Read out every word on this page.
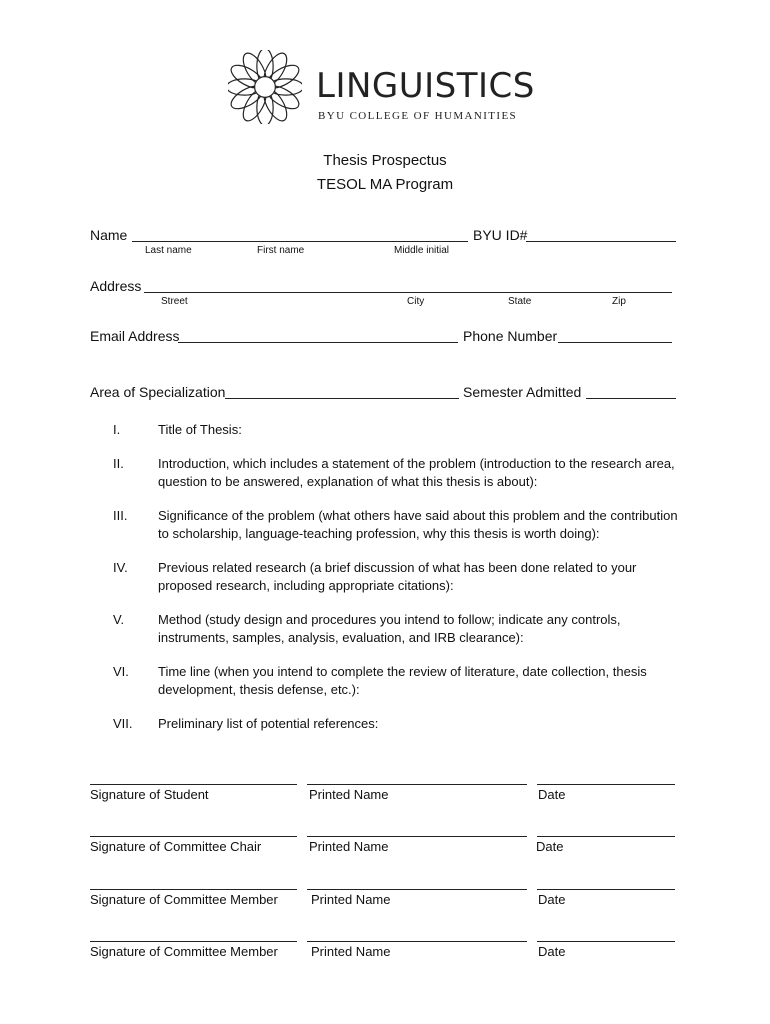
LINGUISTICS
BYU COLLEGE OF HUMANITIES
Thesis Prospectus
TESOL MA Program
Name	BYU ID#
Last name	First name	Middle initial
Address
Street	City	State	Zip
Email Address	Phone Number
Area of Specialization	Semester Admitted
I.	Title of Thesis:
II.	Introduction, which includes a statement of the problem (introduction to the research area,
question to be answered, explanation of what this thesis is about):
III. Significance of the problem (what others have said about this problem and the contribution
to scholarship, language-teaching profession, why this thesis is worth doing):
IV. Previous related research (a brief discussion of what has been done related to your
proposed research, including appropriate citations):
V.	Method (study design and procedures you intend to follow; indicate any controls,
instruments, samples, analysis, evaluation, and IRB clearance):
VI. Time line (when you intend to complete the review of literature, date collection, thesis
development, thesis defense, etc.):
VII. Preliminary list of potential references:
Signature of Student	Printed Name	Date
Signature of Committee Chair	Printed Name	Date
Signature of Committee Member	Printed Name	Date
Signature of Committee Member	Printed Name	Date
